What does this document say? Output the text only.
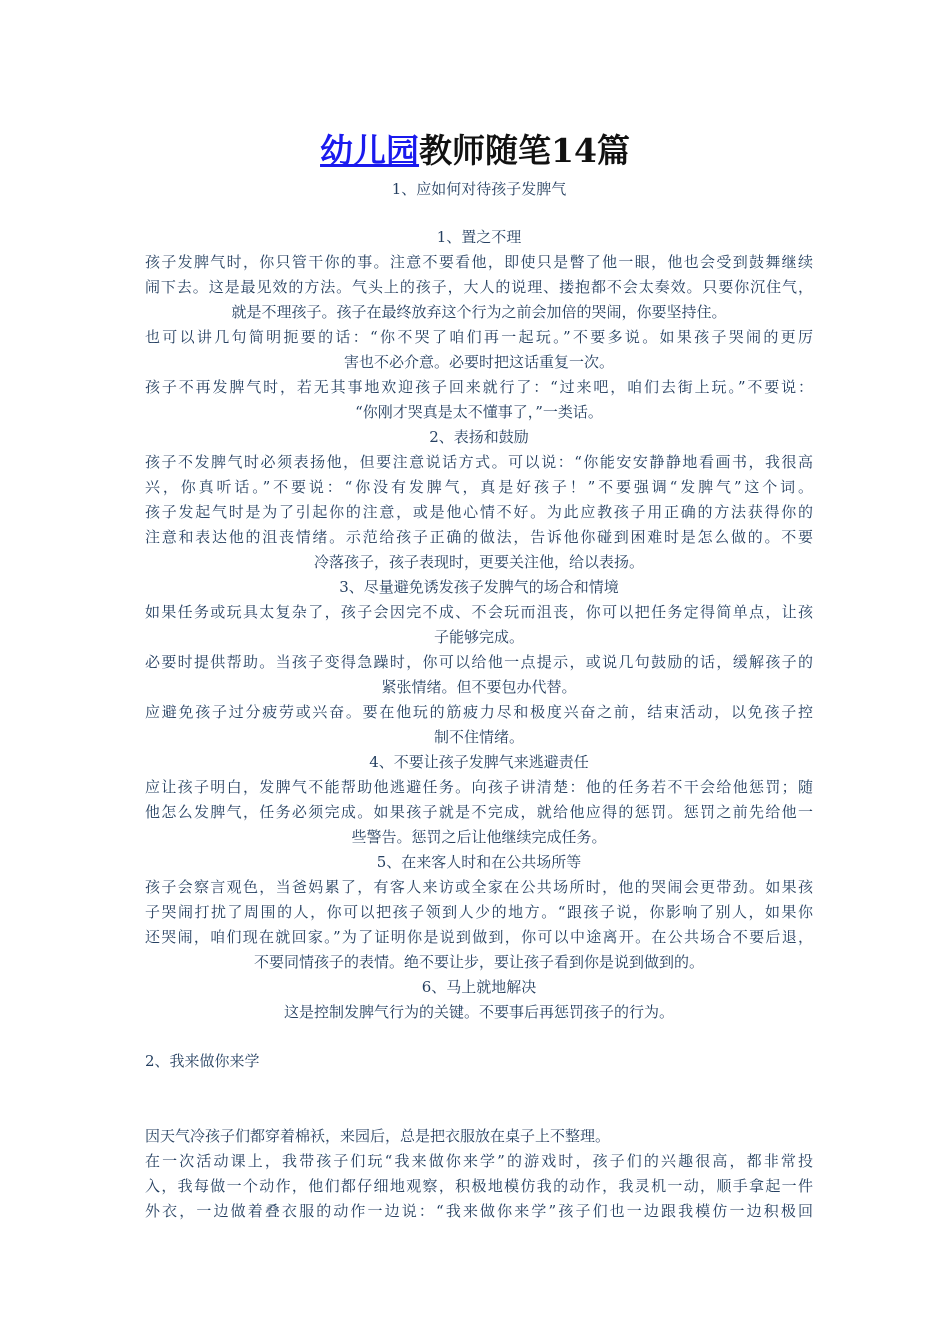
幼儿园教师随笔14篇
1、应如何对待孩子发脾气
1、置之不理
孩子发脾气时，你只管干你的事。注意不要看他，即使只是瞥了他一眼，他也会受到鼓舞继续
闹下去。这是最见效的方法。气头上的孩子，大人的说理、搂抱都不会太奏效。只要你沉住气，
就是不理孩子。孩子在最终放弃这个行为之前会加倍的哭闹，你要坚持住。
也可以讲几句简明扼要的话：“你不哭了咱们再一起玩。”不要多说。如果孩子哭闹的更厉
害也不必介意。必要时把这话重复一次。
孩子不再发脾气时，若无其事地欢迎孩子回来就行了：“过来吧，咱们去街上玩。”不要说：
“你刚才哭真是太不懂事了，”一类话。
2、表扬和鼓励
孩子不发脾气时必须表扬他，但要注意说话方式。可以说：“你能安安静静地看画书，我很高
兴，你真听话。”不要说：“你没有发脾气，真是好孩子！”不要强调“发脾气”这个词。
孩子发起气时是为了引起你的注意，或是他心情不好。为此应教孩子用正确的方法获得你的
注意和表达他的沮丧情绪。示范给孩子正确的做法，告诉他你碰到困难时是怎么做的。不要
冷落孩子，孩子表现时，更要关注他，给以表扬。
3、尽量避免诱发孩子发脾气的场合和情境
如果任务或玩具太复杂了，孩子会因完不成、不会玩而沮丧，你可以把任务定得简单点，让孩
子能够完成。
必要时提供帮助。当孩子变得急躁时，你可以给他一点提示，或说几句鼓励的话，缓解孩子的
紧张情绪。但不要包办代替。
应避免孩子过分疲劳或兴奋。要在他玩的筋疲力尽和极度兴奋之前，结束活动，以免孩子控
制不住情绪。
4、不要让孩子发脾气来逃避责任
应让孩子明白，发脾气不能帮助他逃避任务。向孩子讲清楚：他的任务若不干会给他惩罚；随
他怎么发脾气，任务必须完成。如果孩子就是不完成，就给他应得的惩罚。惩罚之前先给他一
些警告。惩罚之后让他继续完成任务。
5、在来客人时和在公共场所等
孩子会察言观色，当爸妈累了，有客人来访或全家在公共场所时，他的哭闹会更带劲。如果孩
子哭闹打扰了周围的人，你可以把孩子领到人少的地方。“跟孩子说，你影响了别人，如果你
还哭闹，咱们现在就回家。”为了证明你是说到做到，你可以中途离开。在公共场合不要后退，
不要同情孩子的表情。绝不要让步，要让孩子看到你是说到做到的。
6、马上就地解决
这是控制发脾气行为的关键。不要事后再惩罚孩子的行为。
2、我来做你来学
因天气冷孩子们都穿着棉袄，来园后，总是把衣服放在桌子上不整理。
在一次活动课上，我带孩子们玩“我来做你来学”的游戏时，孩子们的兴趣很高，都非常投
入，我每做一个动作，他们都仔细地观察，积极地模仿我的动作，我灵机一动，顺手拿起一件
外衣，一边做着叠衣服的动作一边说：“我来做你来学”孩子们也一边跟我模仿一边积极回
